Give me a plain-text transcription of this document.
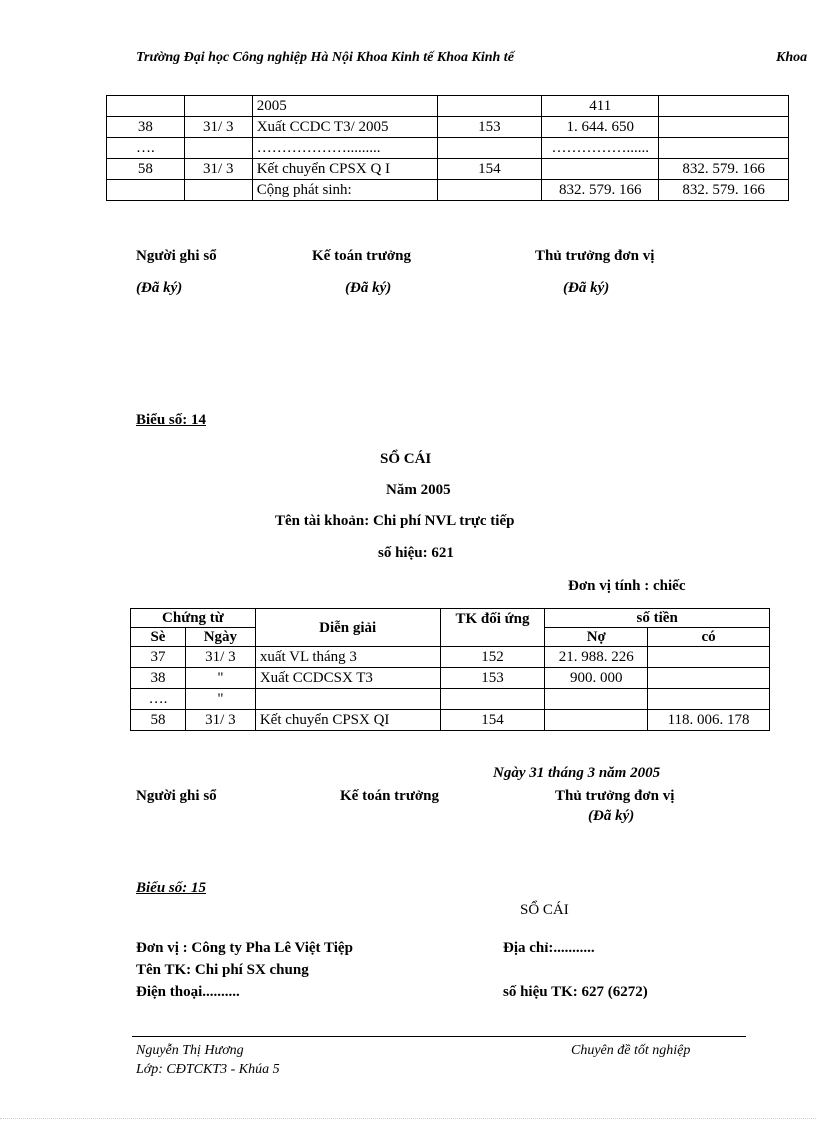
Trường Đại học Công nghiệp Hà Nội Khoa Kinh tế Khoa Kinh tế	Khoa
		2005		411	
38	31/ 3	Xuất CCDC T3/ 2005	153	1. 644. 650	
….		……………….........		……………......	
58	31/ 3	Kết chuyển CPSX Q I	154		832. 579. 166
		Cộng phát sinh:		832. 579. 166	832. 579. 166
Người ghi sổ	Kế toán trưởng	Thủ trưởng đơn vị
(Đã ký)	(Đã ký)	(Đã ký)
Biểu số: 14
SỔ CÁI
Năm 2005
Tên tài khoản: Chi phí NVL trực tiếp
số hiệu: 621
Đơn vị tính : chiếc
Chứng từ		Diễn giải	TK đối ứng	số tiền	
Sè	Ngày			Nợ	có
37	31/ 3	xuất VL tháng 3	152	21. 988. 226	
38	"	Xuất CCDCSX T3	153	900. 000	
….	"				
58	31/ 3	Kết chuyển CPSX QI	154		118. 006. 178
Ngày 31 tháng 3 năm 2005
Người ghi sổ	Kế toán trưởng	Thủ trưởng đơn vị
(Đã ký)
Biểu số: 15
SỔ CÁI
Đơn vị : Công ty Pha Lê Việt Tiệp	Địa chỉ:...........
Tên TK: Chi phí SX chung
Điện thoại..........	số hiệu TK: 627 (6272)
Nguyễn Thị Hương
Lớp: CĐTCKT3 - Khúa 5
Chuyên đề tốt nghiệp
